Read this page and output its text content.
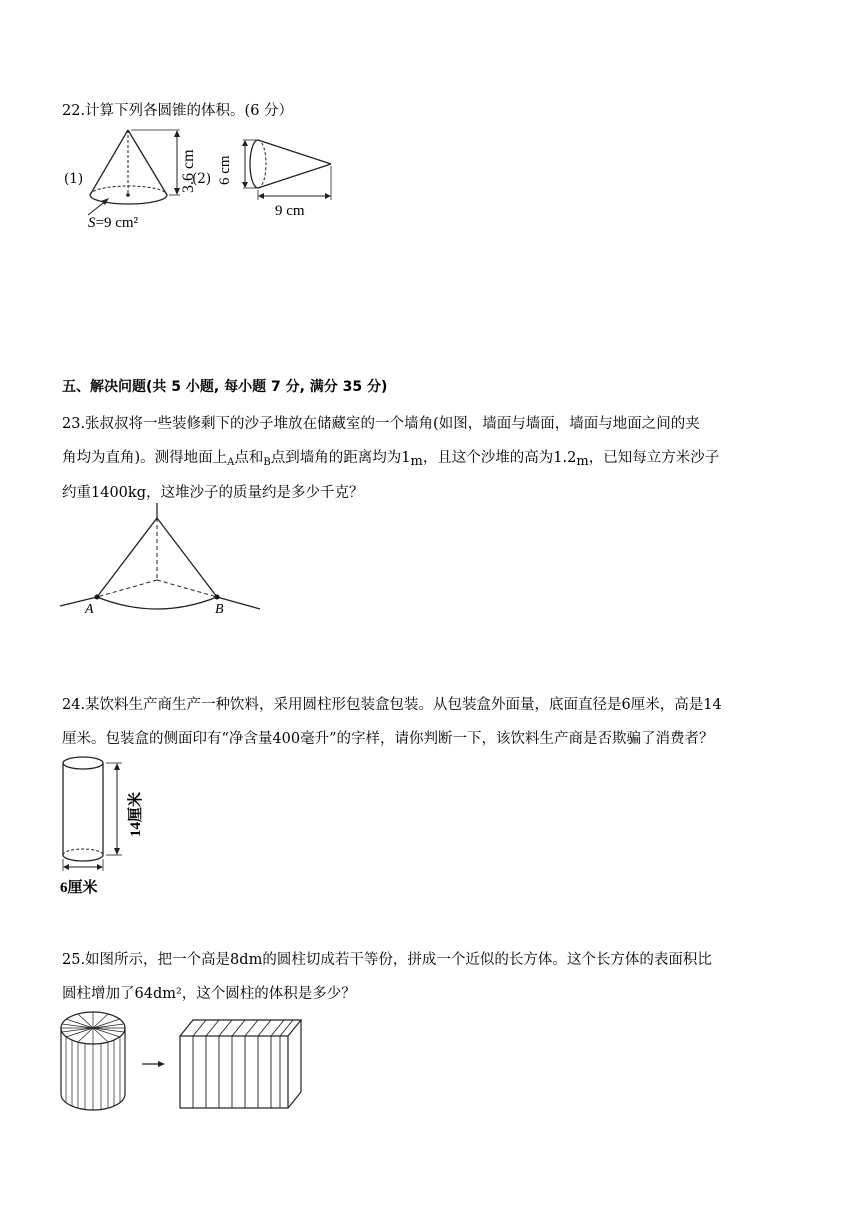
22.计算下列各圆锥的体积。(6 分）
(1)	3.6 cm
S=9 cm²
(2) 6 cm
9 cm
五、解决问题(共 5 小题, 每小题 7 分, 满分 35 分)
23.张叔叔将一些装修剩下的沙子堆放在储藏室的一个墙角(如图，墙面与墙面，墙面与地面之间的夹
角均为直角)。测得地面上$_A$点和$_B$点到墙角的距离均为1m，且这个沙堆的高为1.2m，已知每立方米沙子
约重1400kg，这堆沙子的质量约是多少千克？
A	B
24.某饮料生产商生产一种饮料，采用圆柱形包装盒包装。从包装盒外面量，底面直径是6厘米，高是14
厘米。包装盒的侧面印有“净含量400毫升”的字样，请你判断一下，该饮料生产商是否欺骗了消费者？
14厘米
6厘米
25.如图所示，把一个高是8dm的圆柱切成若干等份，拼成一个近似的长方体。这个长方体的表面积比
圆柱增加了64dm²，这个圆柱的体积是多少？
